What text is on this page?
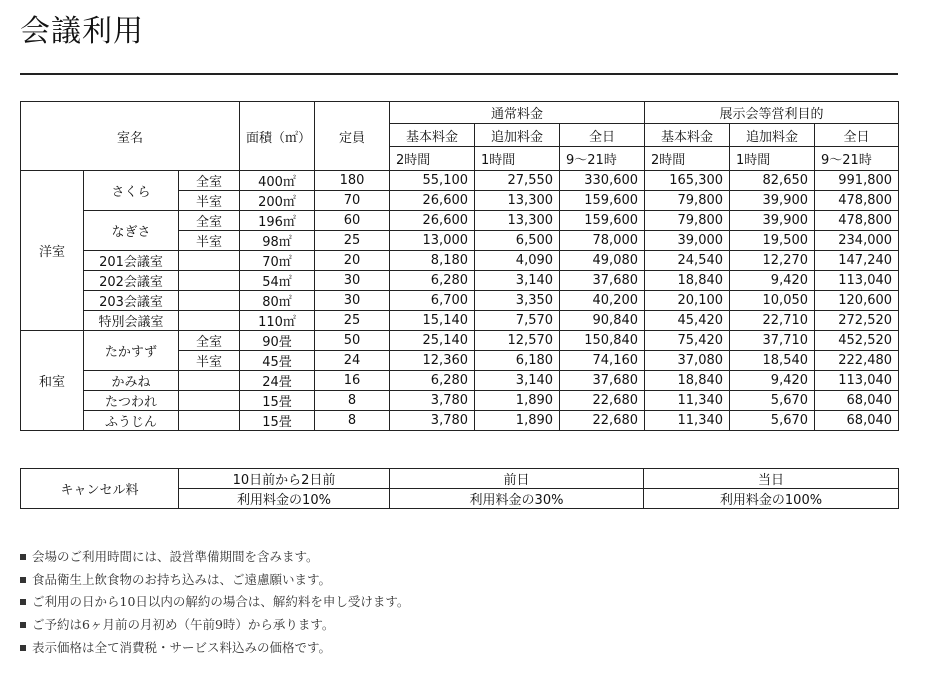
会議利用
室名			面積（㎡）	定員	通常料金			展示会等営利目的		
					基本料金	追加料金	全日	基本料金	追加料金	全日
					2時間	1時間	9～21時	2時間	1時間	9～21時
洋室	さくら	全室	400㎡	180	55,100	27,550	330,600	165,300	82,650	991,800
		半室	200㎡	70	26,600	13,300	159,600	79,800	39,900	478,800
	なぎさ	全室	196㎡	60	26,600	13,300	159,600	79,800	39,900	478,800
		半室	98㎡	25	13,000	6,500	78,000	39,000	19,500	234,000
	201会議室		70㎡	20	8,180	4,090	49,080	24,540	12,270	147,240
	202会議室		54㎡	30	6,280	3,140	37,680	18,840	9,420	113,040
	203会議室		80㎡	30	6,700	3,350	40,200	20,100	10,050	120,600
	特別会議室		110㎡	25	15,140	7,570	90,840	45,420	22,710	272,520
和室	たかすず	全室	90畳	50	25,140	12,570	150,840	75,420	37,710	452,520
		半室	45畳	24	12,360	6,180	74,160	37,080	18,540	222,480
	かみね		24畳	16	6,280	3,140	37,680	18,840	9,420	113,040
	たつわれ		15畳	8	3,780	1,890	22,680	11,340	5,670	68,040
	ふうじん		15畳	8	3,780	1,890	22,680	11,340	5,670	68,040
キャンセル料	10日前から2日前	前日	当日
	利用料金の10%	利用料金の30%	利用料金の100%
会場のご利用時間には、設営準備期間を含みます。
食品衛生上飲食物のお持ち込みは、ご遠慮願います。
ご利用の日から10日以内の解約の場合は、解約料を申し受けます。
ご予約は6ヶ月前の月初め（午前9時）から承ります。
表示価格は全て消費税・サービス料込みの価格です。
